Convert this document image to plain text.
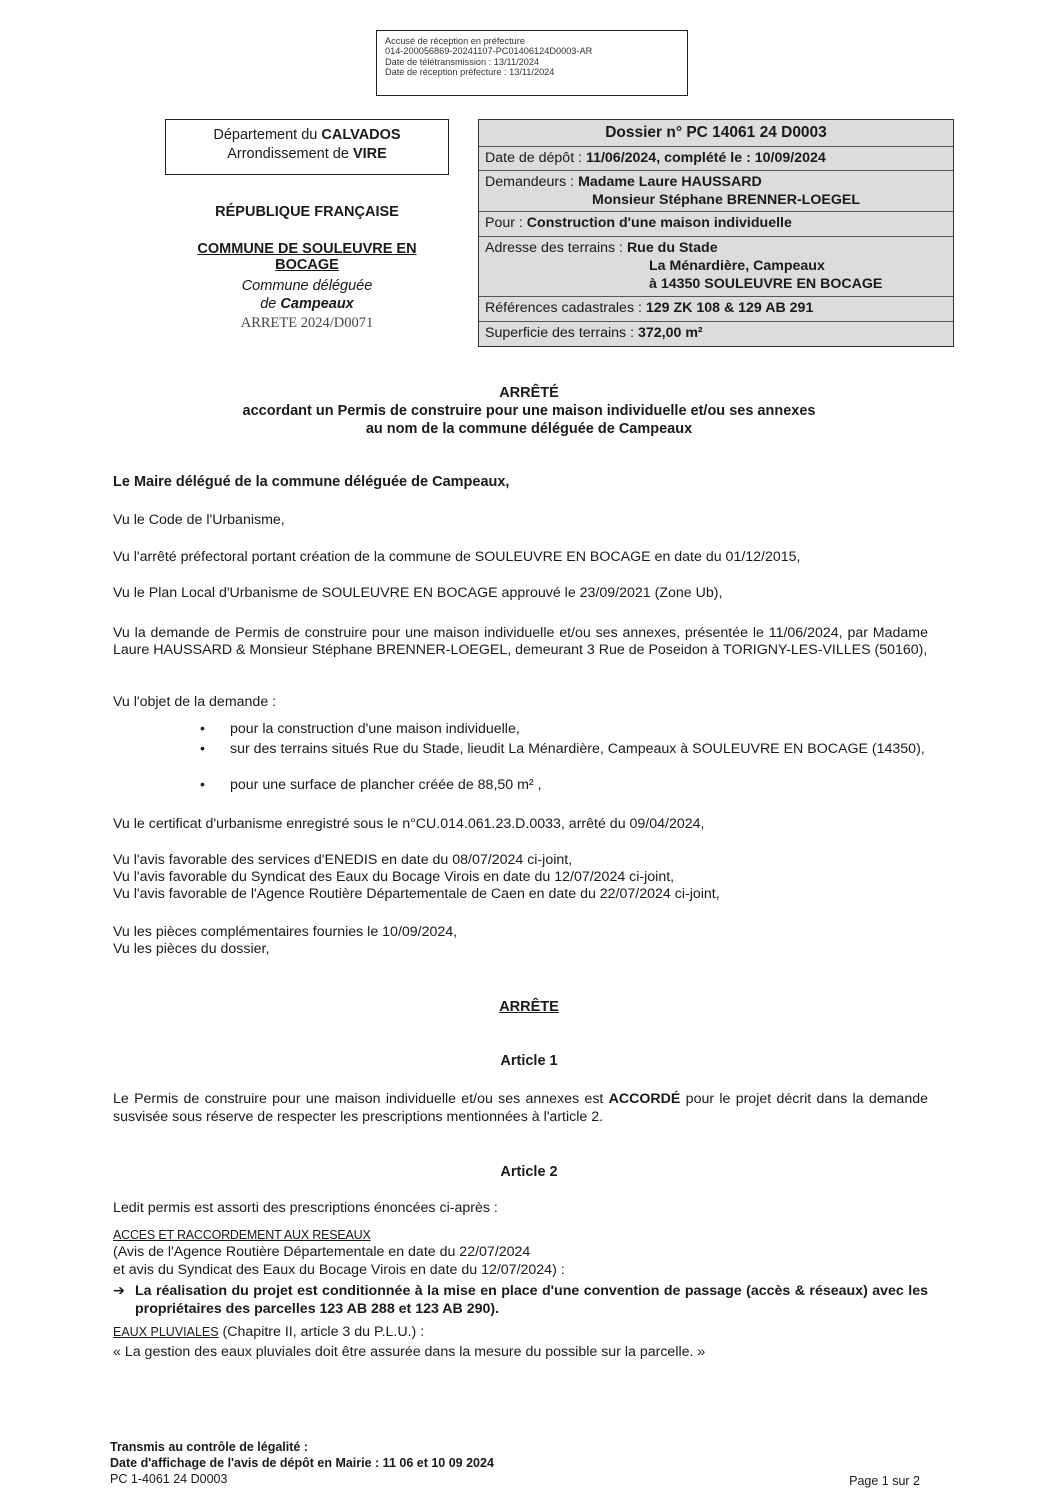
Accusé de réception en préfecture
014-200056869-20241107-PC01406124D0003-AR
Date de télétransmission : 13/11/2024
Date de réception préfecture : 13/11/2024
Département du CALVADOS
Arrondissement de VIRE
RÉPUBLIQUE FRANÇAISE
COMMUNE DE SOULEUVRE EN BOCAGE
Commune déléguée
de Campeaux
ARRETE 2024/D0071
Dossier n° PC 14061 24 D0003
Date de dépôt : 11/06/2024, complété le : 10/09/2024
Demandeurs : Madame Laure HAUSSARD
Monsieur Stéphane BRENNER-LOEGEL
Pour : Construction d'une maison individuelle
Adresse des terrains : Rue du Stade
La Ménardière, Campeaux
à 14350 SOULEUVRE EN BOCAGE
Références cadastrales : 129 ZK 108 & 129 AB 291
Superficie des terrains : 372,00 m²
ARRÊTÉ
accordant un Permis de construire pour une maison individuelle et/ou ses annexes
au nom de la commune déléguée de Campeaux
Le Maire délégué de la commune déléguée de Campeaux,
Vu le Code de l'Urbanisme,
Vu l'arrêté préfectoral portant création de la commune de SOULEUVRE EN BOCAGE en date du 01/12/2015,
Vu le Plan Local d'Urbanisme de SOULEUVRE EN BOCAGE approuvé le 23/09/2021 (Zone Ub),
Vu la demande de Permis de construire pour une maison individuelle et/ou ses annexes, présentée le 11/06/2024, par Madame Laure HAUSSARD & Monsieur Stéphane BRENNER-LOEGEL, demeurant 3 Rue de Poseidon à TORIGNY-LES-VILLES (50160),
Vu l'objet de la demande :
• pour la construction d'une maison individuelle,
• sur des terrains situés Rue du Stade, lieudit La Ménardière, Campeaux à SOULEUVRE EN BOCAGE (14350),
• pour une surface de plancher créée de 88,50 m² ,
Vu le certificat d'urbanisme enregistré sous le n°CU.014.061.23.D.0033, arrêté du 09/04/2024,
Vu l'avis favorable des services d'ENEDIS en date du 08/07/2024 ci-joint,
Vu l'avis favorable du Syndicat des Eaux du Bocage Virois en date du 12/07/2024 ci-joint,
Vu l'avis favorable de l'Agence Routière Départementale de Caen en date du 22/07/2024 ci-joint,
Vu les pièces complémentaires fournies le 10/09/2024,
Vu les pièces du dossier,
ARRÊTE
Article 1
Le Permis de construire pour une maison individuelle et/ou ses annexes est ACCORDÉ pour le projet décrit dans la demande susvisée sous réserve de respecter les prescriptions mentionnées à l'article 2.
Article 2
Ledit permis est assorti des prescriptions énoncées ci-après :
ACCES ET RACCORDEMENT AUX RESEAUX
(Avis de l'Agence Routière Départementale en date du 22/07/2024
et avis du Syndicat des Eaux du Bocage Virois en date du 12/07/2024) :
➔ La réalisation du projet est conditionnée à la mise en place d'une convention de passage (accès & réseaux) avec les propriétaires des parcelles 123 AB 288 et 123 AB 290).
EAUX PLUVIALES (Chapitre II, article 3 du P.L.U.) :
« La gestion des eaux pluviales doit être assurée dans la mesure du possible sur la parcelle. »
Transmis au contrôle de légalité :
Date d'affichage de l'avis de dépôt en Mairie : 11 06 et 10 09 2024
PC 1-4061 24 D0003	Page 1 sur 2
